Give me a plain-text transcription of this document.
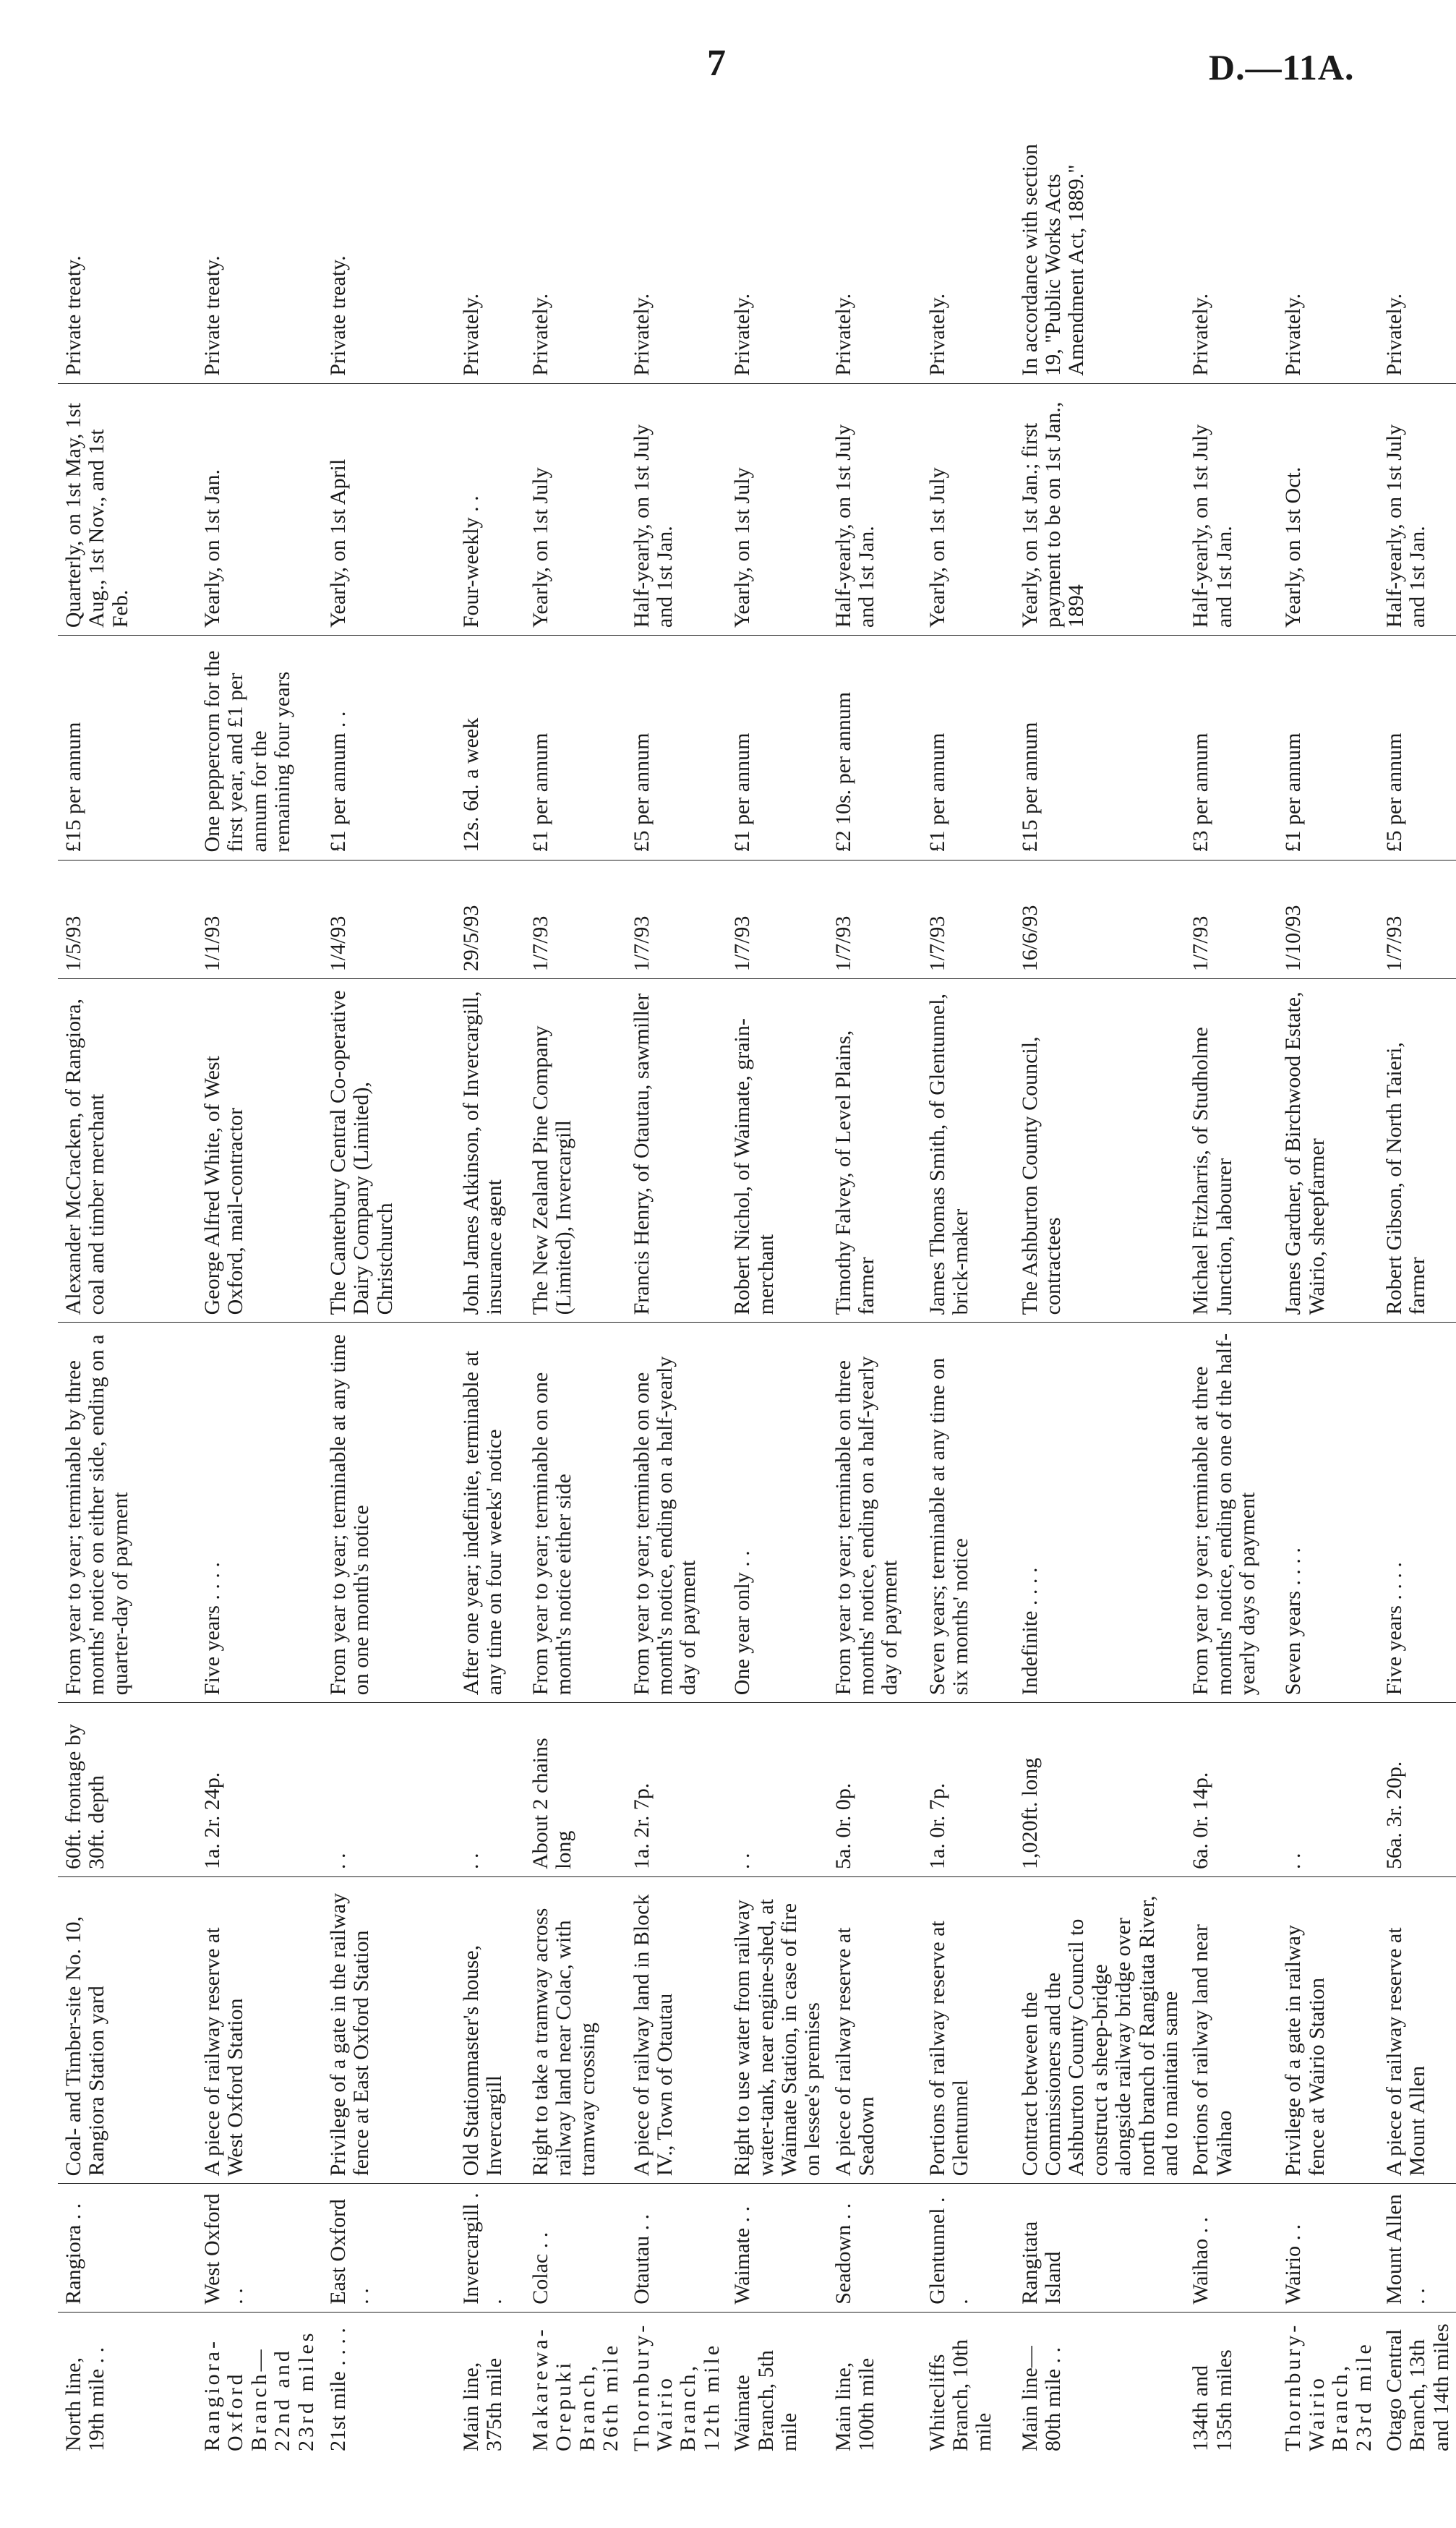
7	D.—11A.
North line, 19th mile . .	Rangiora . .	Coal- and Timber-site No. 10, Rangiora Station yard	60ft. frontage by 30ft. depth	From year to year; terminable by three months' notice on either side, ending on a quarter-day of payment	Alexander McCracken, of Rangiora, coal and timber merchant	1/5/93	£15 per annum	Quarterly, on 1st May, 1st Aug., 1st Nov., and 1st Feb.	Private treaty.
Rangiora-Oxford Branch— 22nd and 23rd miles	West Oxford . .	A piece of railway reserve at West Oxford Station	1a. 2r. 24p.	Five years . . . .	George Alfred White, of West Oxford, mail-contractor	1/1/93	One peppercorn for the first year, and £1 per annum for the remaining four years	Yearly, on 1st Jan.	Private treaty.
21st mile . . . .	East Oxford . .	Privilege of a gate in the railway fence at East Oxford Station	. .	From year to year; terminable at any time on one month's notice	The Canterbury Central Co-operative Dairy Company (Limited), Christchurch	1/4/93	£1 per annum . .	Yearly, on 1st April	Private treaty.
Main line, 375th mile	Invercargill . .	Old Stationmaster's house, Invercargill	. .	After one year; indefinite, terminable at any time on four weeks' notice	John James Atkinson, of Invercargill, insurance agent	29/5/93	12s. 6d. a week	Four-weekly . .	Privately.
Makarewa-Orepuki Branch, 26th mile	Colac . .	Right to take a tramway across railway land near Colac, with tramway crossing	About 2 chains long	From year to year; terminable on one month's notice either side	The New Zealand Pine Company (Limited), Invercargill	1/7/93	£1 per annum	Yearly, on 1st July	Privately.
Thornbury-Wairio Branch, 12th mile	Otautau . .	A piece of railway land in Block IV., Town of Otautau	1a. 2r. 7p.	From year to year; terminable on one month's notice, ending on a half-yearly day of payment	Francis Henry, of Otautau, sawmiller	1/7/93	£5 per annum	Half-yearly, on 1st July and 1st Jan.	Privately.
Waimate Branch, 5th mile	Waimate . .	Right to use water from railway water-tank, near engine-shed, at Waimate Station, in case of fire on lessee's premises	. .	One year only . .	Robert Nichol, of Waimate, grain-merchant	1/7/93	£1 per annum	Yearly, on 1st July	Privately.
Main line, 100th mile	Seadown . .	A piece of railway reserve at Seadown	5a. 0r. 0p.	From year to year; terminable on three months' notice, ending on a half-yearly day of payment	Timothy Falvey, of Level Plains, farmer	1/7/93	£2 10s. per annum	Half-yearly, on 1st July and 1st Jan.	Privately.
Whitecliffs Branch, 10th mile	Glentunnel . .	Portions of railway reserve at Glentunnel	1a. 0r. 7p.	Seven years; terminable at any time on six months' notice	James Thomas Smith, of Glentunnel, brick-maker	1/7/93	£1 per annum	Yearly, on 1st July	Privately.
Main line— 80th mile . .	Rangitata Island	Contract between the Commissioners and the Ashburton County Council to construct a sheep-bridge alongside railway bridge over north branch of Rangitata River, and to maintain same	1,020ft. long	Indefinite . . . .	The Ashburton County Council, contractees	16/6/93	£15 per annum	Yearly, on 1st Jan.; first payment to be on 1st Jan., 1894	In accordance with section 19, "Public Works Acts Amendment Act, 1889."
134th and 135th miles	Waihao . .	Portions of railway land near Waihao	6a. 0r. 14p.	From year to year; terminable at three months' notice, ending on one of the half-yearly days of payment	Michael Fitzharris, of Studholme Junction, labourer	1/7/93	£3 per annum	Half-yearly, on 1st July and 1st Jan.	Privately.
Thornbury-Wairio Branch, 23rd mile	Wairio . .	Privilege of a gate in railway fence at Wairio Station	. .	Seven years . . . .	James Gardner, of Birchwood Estate, Wairio, sheepfarmer	1/10/93	£1 per annum	Yearly, on 1st Oct.	Privately.
Otago Central Branch, 13th and 14th miles	Mount Allen . .	A piece of railway reserve at Mount Allen	56a. 3r. 20p.	Five years . . . .	Robert Gibson, of North Taieri, farmer	1/7/93	£5 per annum	Half-yearly, on 1st July and 1st Jan.	Privately.
